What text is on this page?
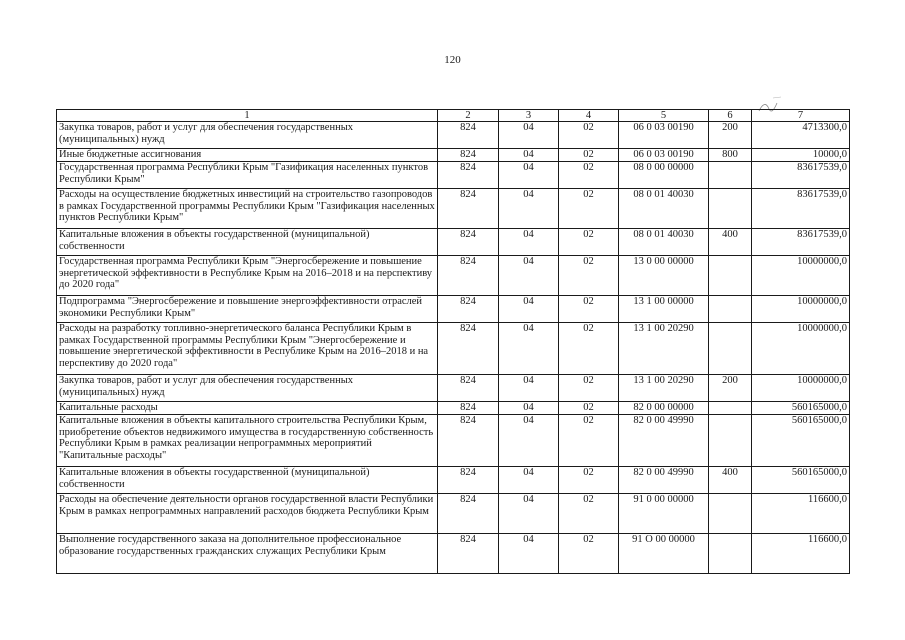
120
1	2	3	4	5	6	7
Закупка товаров, работ и услуг для обеспечения государственных (муниципальных) нужд	824	04	02	06 0 03 00190	200	4713300,0
Иные бюджетные ассигнования	824	04	02	06 0 03 00190	800	10000,0
Государственная программа Республики Крым "Газификация населенных пунктов Республики Крым"	824	04	02	08 0 00 00000		83617539,0
Расходы на осуществление бюджетных инвестиций на строительство газопроводов в рамках Государственной программы Республики Крым "Газификация населенных пунктов Республики Крым"	824	04	02	08 0 01 40030		83617539,0
Капитальные вложения в объекты государственной (муниципальной) собственности	824	04	02	08 0 01 40030	400	83617539,0
Государственная программа Республики Крым "Энергосбережение и повышение энергетической эффективности в Республике Крым на 2016–2018 и на перспективу до 2020 года"	824	04	02	13 0 00 00000		10000000,0
Подпрограмма "Энергосбережение и повышение энергоэффективности отраслей экономики Республики Крым"	824	04	02	13 1 00 00000		10000000,0
Расходы на разработку топливно-энергетического баланса Республики Крым в рамках Государственной программы Республики Крым "Энергосбережение и повышение энергетической эффективности в Республике Крым на 2016–2018 и на перспективу до 2020 года"	824	04	02	13 1 00 20290		10000000,0
Закупка товаров, работ и услуг для обеспечения государственных (муниципальных) нужд	824	04	02	13 1 00 20290	200	10000000,0
Капитальные расходы	824	04	02	82 0 00 00000		560165000,0
Капитальные вложения в объекты капитального строительства Республики Крым, приобретение объектов недвижимого имущества в государственную собственность Республики Крым в рамках реализации непрограммных мероприятий "Капитальные расходы"	824	04	02	82 0 00 49990		560165000,0
Капитальные вложения в объекты государственной (муниципальной) собственности	824	04	02	82 0 00 49990	400	560165000,0
Расходы на обеспечение деятельности органов государственной власти Республики Крым в рамках непрограммных направлений расходов бюджета Республики Крым	824	04	02	91 0 00 00000		116600,0
Выполнение государственного заказа на дополнительное профессиональное образование государственных гражданских служащих Республики Крым	824	04	02	91 О 00 00000		116600,0
